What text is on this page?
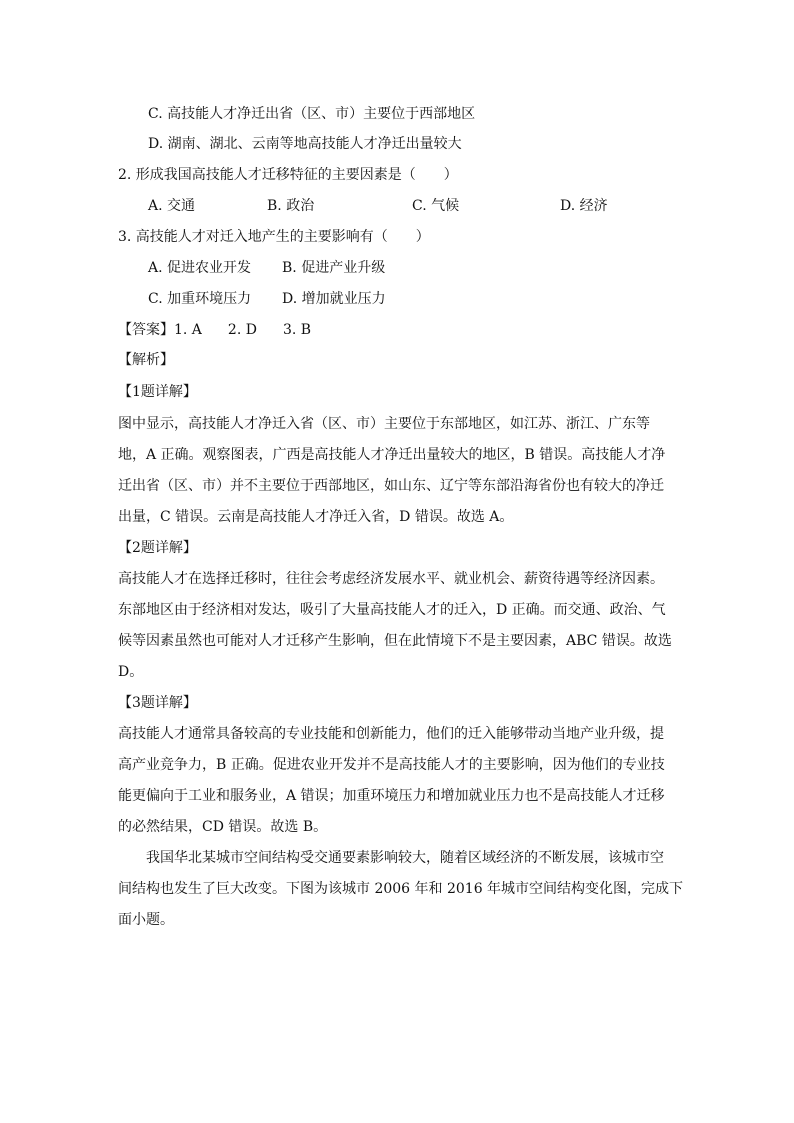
C. 高技能人才净迁出省（区、市）主要位于西部地区
D. 湖南、湖北、云南等地高技能人才净迁出量较大
2. 形成我国高技能人才迁移特征的主要因素是（　　）
A. 交通	B. 政治	C. 气候	D. 经济
3. 高技能人才对迁入地产生的主要影响有（　　）
A. 促进农业开发 B. 促进产业升级
C. 加重环境压力 D. 增加就业压力
【答案】1. A 2. D 3. B
【解析】
【1题详解】
图中显示，高技能人才净迁入省（区、市）主要位于东部地区，如江苏、浙江、广东等
地，A 正确。观察图表，广西是高技能人才净迁出量较大的地区，B 错误。高技能人才净
迁出省（区、市）并不主要位于西部地区，如山东、辽宁等东部沿海省份也有较大的净迁
出量，C 错误。云南是高技能人才净迁入省，D 错误。故选 A。
【2题详解】
高技能人才在选择迁移时，往往会考虑经济发展水平、就业机会、薪资待遇等经济因素。
东部地区由于经济相对发达，吸引了大量高技能人才的迁入，D 正确。而交通、政治、气
候等因素虽然也可能对人才迁移产生影响，但在此情境下不是主要因素，ABC 错误。故选
D。
【3题详解】
高技能人才通常具备较高的专业技能和创新能力，他们的迁入能够带动当地产业升级，提
高产业竞争力，B 正确。促进农业开发并不是高技能人才的主要影响，因为他们的专业技
能更偏向于工业和服务业，A 错误；加重环境压力和增加就业压力也不是高技能人才迁移
的必然结果，CD 错误。故选 B。
我国华北某城市空间结构受交通要素影响较大，随着区域经济的不断发展，该城市空
间结构也发生了巨大改变。下图为该城市 2006 年和 2016 年城市空间结构变化图，完成下
面小题。
